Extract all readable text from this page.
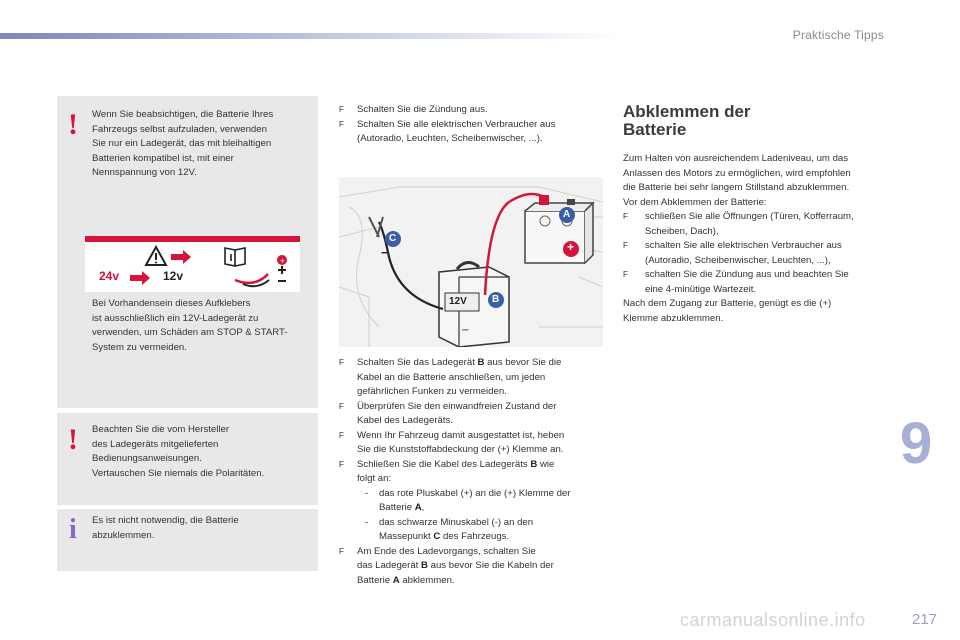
Praktische Tipps
! Wenn Sie beabsichtigen, die Batterie Ihres

Fahrzeugs selbst aufzuladen, verwenden

Sie nur ein Ladegerät, das mit bleihaltigen

Batterien kompatibel ist, mit einer

Nennspannung von 12V.

+
24v	12v

Bei Vorhandensein dieses Aufklebers

ist ausschließlich ein 12V-Ladegerät zu

verwenden, um Schäden am STOP & START-

System zu vermeiden.

! Beachten Sie die vom Hersteller

des Ladegeräts mitgelieferten

Bedienungsanweisungen.

Vertauschen Sie niemals die Polaritäten.

i Es ist nicht notwendig, die Batterie

abzuklemmen.

F Schalten Sie die Zündung aus.

F Schalten Sie alle elektrischen Verbraucher aus

(Autoradio, Leuchten, Scheibenwischer, ...).

⎓
A
B
C
12V
+
−
F Schalten Sie das Ladegerät B aus bevor Sie die

Kabel an die Batterie anschließen, um jeden

gefährlichen Funken zu vermeiden.

F Überprüfen Sie den einwandfreien Zustand der

Kabel des Ladegeräts.

F Wenn Ihr Fahrzeug damit ausgestattet ist, heben

Sie die Kunststoffabdeckung der (+) Klemme an.

F Schließen Sie die Kabel des Ladegeräts B wie

folgt an:

- das rote Pluskabel (+) an die (+) Klemme der

Batterie A,

- das schwarze Minuskabel (-) an den

Massepunkt C des Fahrzeugs.

F Am Ende des Ladevorgangs, schalten Sie

das Ladegerät B aus bevor Sie die Kabeln der

Batterie A abklemmen.

Abklemmen der
Batterie

Zum Halten von ausreichendem Ladeniveau, um das

Anlassen des Motors zu ermöglichen, wird empfohlen

die Batterie bei sehr langem Stillstand abzuklemmen.

Vor dem Abklemmen der Batterie:

F schließen Sie alle Öffnungen (Türen, Kofferraum,

Scheiben, Dach),

F schalten Sie alle elektrischen Verbraucher aus

(Autoradio, Scheibenwischer, Leuchten, ...),

F schalten Sie die Zündung aus und beachten Sie

eine 4-minütige Wartezeit.

Nach dem Zugang zur Batterie, genügt es die (+)

Klemme abzuklemmen.

9
carmanualsonline.info	217
